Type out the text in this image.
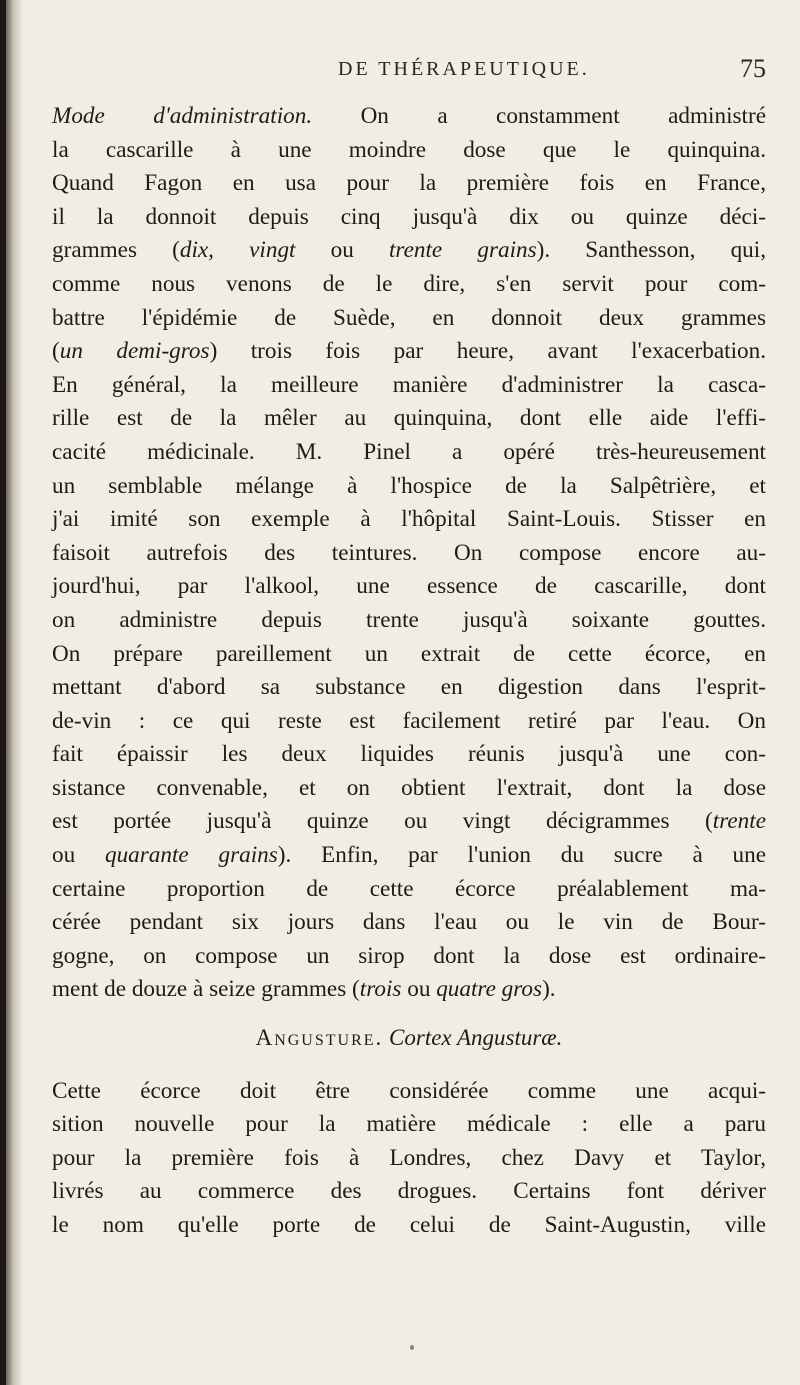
DE THÉRAPEUTIQUE.	75
Mode d'administration. On a constamment administré
la cascarille à une moindre dose que le quinquina.
Quand Fagon en usa pour la première fois en France,
il la donnoit depuis cinq jusqu'à dix ou quinze déci-
grammes (dix, vingt ou trente grains). Santhesson, qui,
comme nous venons de le dire, s'en servit pour com-
battre l'épidémie de Suède, en donnoit deux grammes
(un demi-gros) trois fois par heure, avant l'exacerbation.
En général, la meilleure manière d'administrer la casca-
rille est de la mêler au quinquina, dont elle aide l'effi-
cacité médicinale. M. Pinel a opéré très-heureusement
un semblable mélange à l'hospice de la Salpêtrière, et
j'ai imité son exemple à l'hôpital Saint-Louis. Stisser en
faisoit autrefois des teintures. On compose encore au-
jourd'hui, par l'alkool, une essence de cascarille, dont
on administre depuis trente jusqu'à soixante gouttes.
On prépare pareillement un extrait de cette écorce, en
mettant d'abord sa substance en digestion dans l'esprit-
de-vin : ce qui reste est facilement retiré par l'eau. On
fait épaissir les deux liquides réunis jusqu'à une con-
sistance convenable, et on obtient l'extrait, dont la dose
est portée jusqu'à quinze ou vingt décigrammes (trente
ou quarante grains). Enfin, par l'union du sucre à une
certaine proportion de cette écorce préalablement ma-
cérée pendant six jours dans l'eau ou le vin de Bour-
gogne, on compose un sirop dont la dose est ordinaire-
ment de douze à seize grammes (trois ou quatre gros).
Angusture. Cortex Angusturæ.
Cette écorce doit être considérée comme une acqui-
sition nouvelle pour la matière médicale : elle a paru
pour la première fois à Londres, chez Davy et Taylor,
livrés au commerce des drogues. Certains font dériver
le nom qu'elle porte de celui de Saint-Augustin, ville
